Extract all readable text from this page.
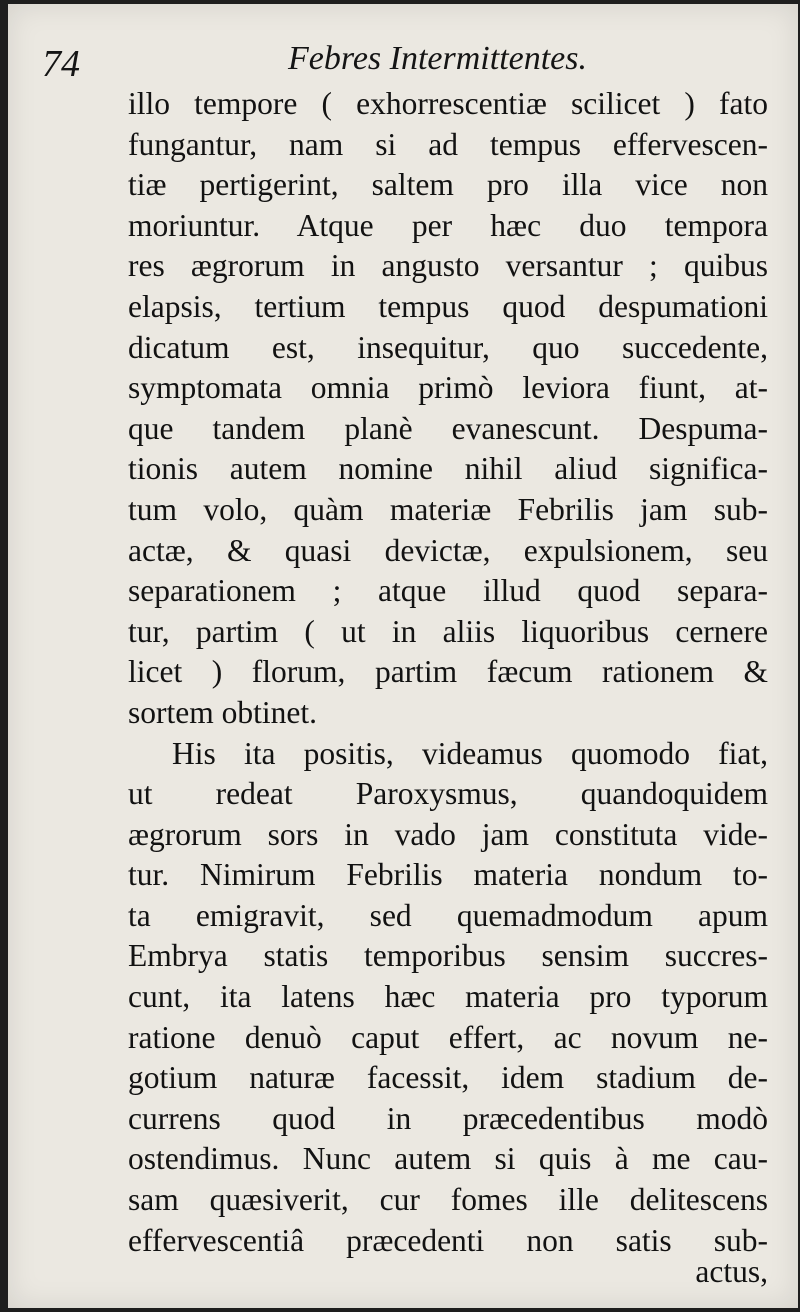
74	Febres Intermittentes.
illo tempore ( exhorrescentiæ scilicet ) fato
fungantur, nam si ad tempus effervescen-
tiæ pertigerint, saltem pro illa vice non
moriuntur. Atque per hæc duo tempora
res ægrorum in angusto versantur ; quibus
elapsis, tertium tempus quod despumationi
dicatum est, insequitur, quo succedente,
symptomata omnia primò leviora fiunt, at-
que tandem planè evanescunt. Despuma-
tionis autem nomine nihil aliud significa-
tum volo, quàm materiæ Febrilis jam sub-
actæ, & quasi devictæ, expulsionem, seu
separationem ; atque illud quod separa-
tur, partim ( ut in aliis liquoribus cernere
licet ) florum, partim fæcum rationem &
sortem obtinet.
His ita positis, videamus quomodo fiat,
ut redeat Paroxysmus, quandoquidem
ægrorum sors in vado jam constituta vide-
tur. Nimirum Febrilis materia nondum to-
ta emigravit, sed quemadmodum apum
Embrya statis temporibus sensim succres-
cunt, ita latens hæc materia pro typorum
ratione denuò caput effert, ac novum ne-
gotium naturæ facessit, idem stadium de-
currens quod in præcedentibus modò
ostendimus. Nunc autem si quis à me cau-
sam quæsiverit, cur fomes ille delitescens
effervescentiâ præcedenti non satis sub-
actus,
